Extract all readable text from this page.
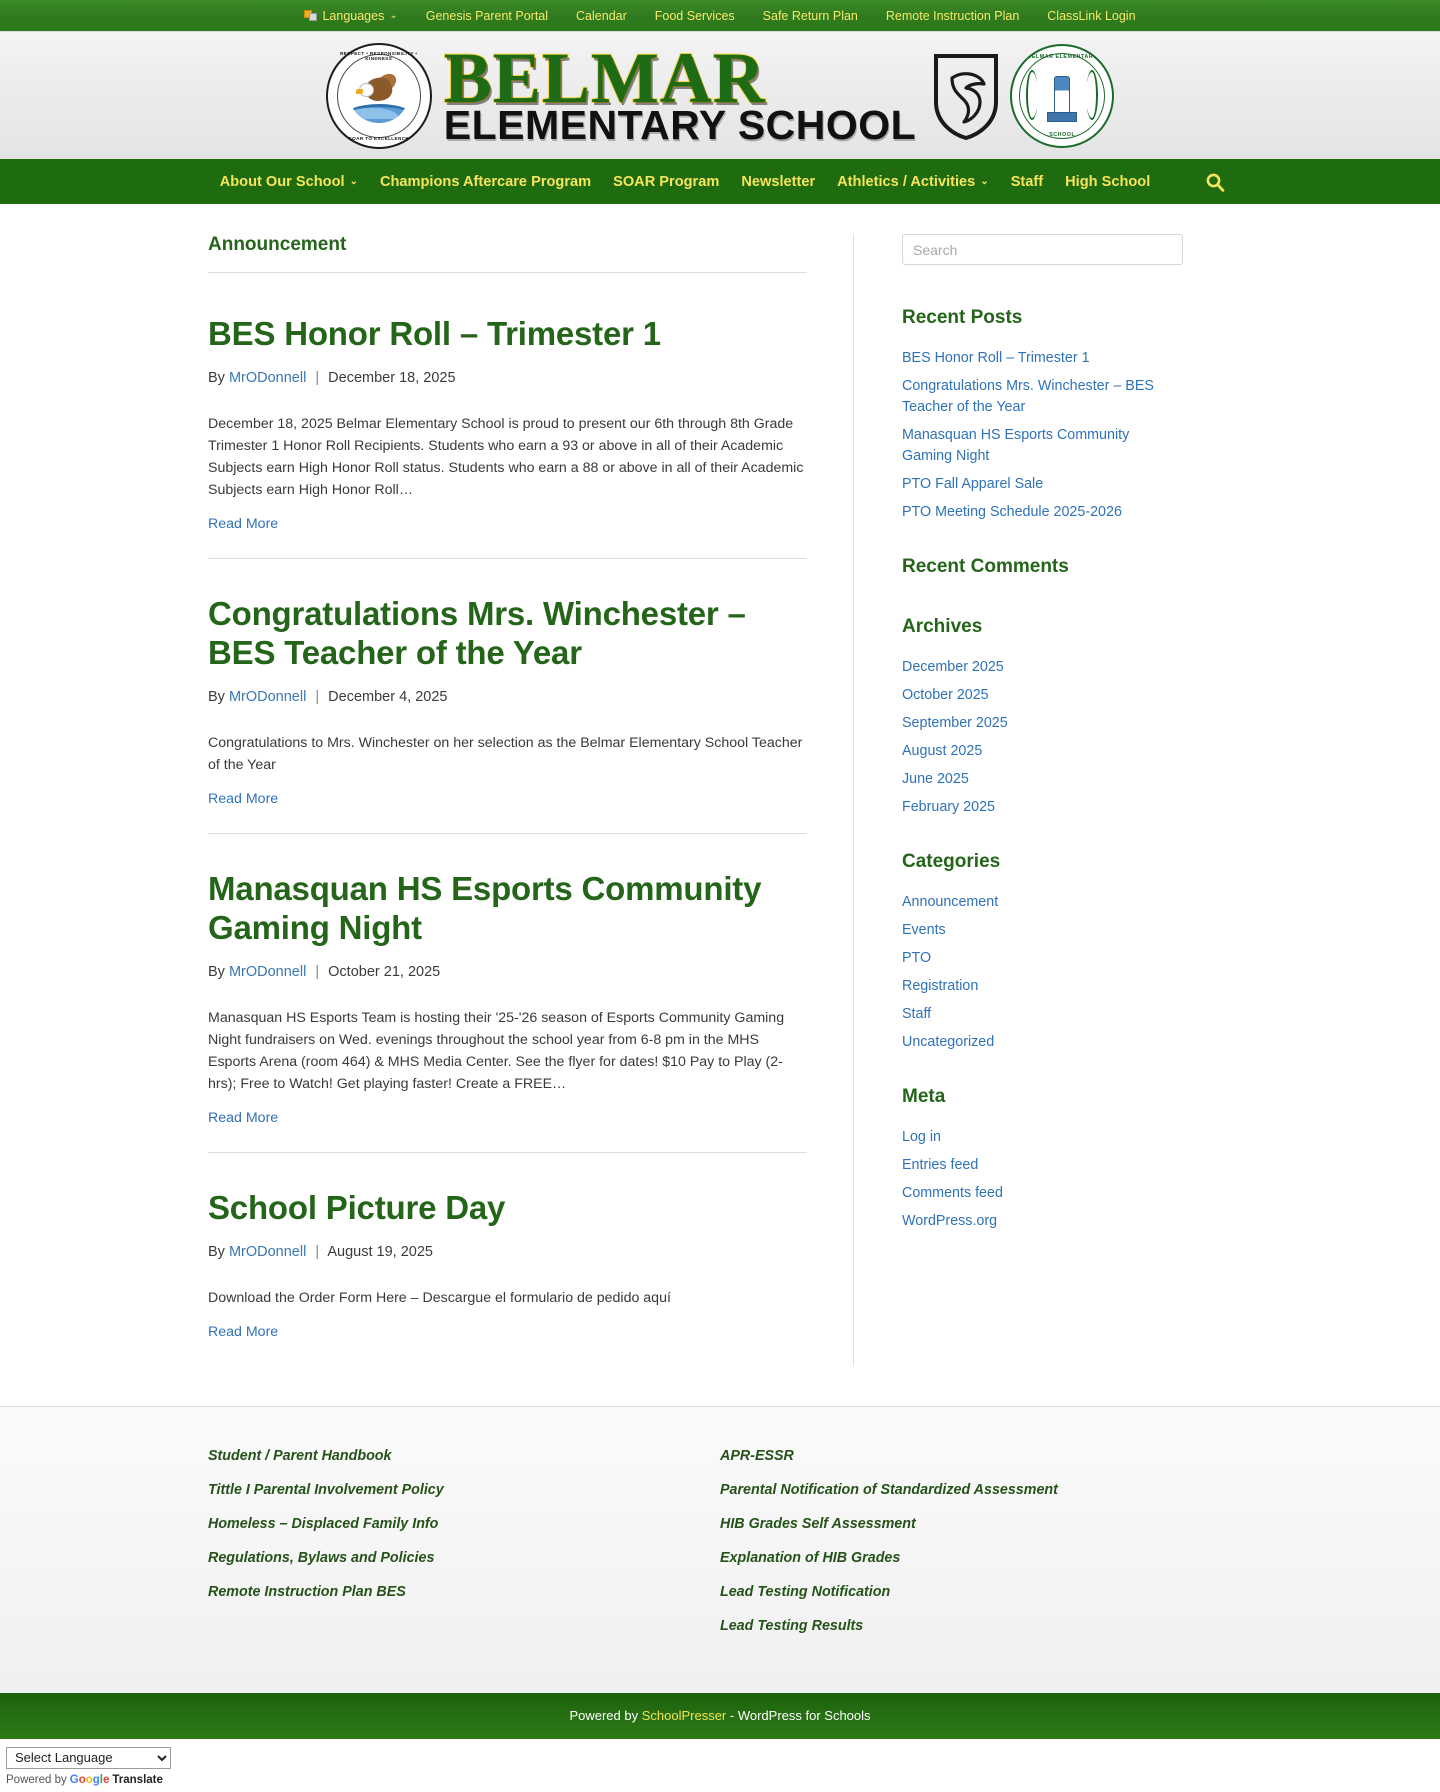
Languages ⌄ Genesis Parent Portal Calendar Food Services Safe Return Plan Remote Instruction Plan ClassLink Login
RESPECT • RESPONSIBILITY • KINDNESS
SOAR TO EXCELLENCE
BELMAR
ELEMENTARY SCHOOL
BELMAR ELEMENTARY
SCHOOL
About Our School ⌄ Champions Aftercare Program SOAR Program Newsletter Athletics / Activities ⌄ Staff High School
Announcement
BES Honor Roll – Trimester 1
By MrODonnell | December 18, 2025

December 18, 2025 Belmar Elementary School is proud to present our 6th through 8th Grade Trimester 1 Honor Roll Recipients. Students who earn a 93 or above in all of their Academic Subjects earn High Honor Roll status. Students who earn a 88 or above in all of their Academic Subjects earn High Honor Roll…

Read More
Congratulations Mrs. Winchester – BES Teacher of the Year
By MrODonnell | December 4, 2025

Congratulations to Mrs. Winchester on her selection as the Belmar Elementary School Teacher of the Year

Read More
Manasquan HS Esports Community Gaming Night
By MrODonnell | October 21, 2025

Manasquan HS Esports Team is hosting their '25-'26 season of Esports Community Gaming Night fundraisers on Wed. evenings throughout the school year from 6-8 pm in the MHS Esports Arena (room 464) & MHS Media Center. See the flyer for dates! $10 Pay to Play (2-hrs); Free to Watch! Get playing faster! Create a FREE…

Read More
School Picture Day
By MrODonnell | August 19, 2025

Download the Order Form Here – Descargue el formulario de pedido aquí

Read More
Search
Recent Posts
BES Honor Roll – Trimester 1
Congratulations Mrs. Winchester – BES Teacher of the Year
Manasquan HS Esports Community Gaming Night
PTO Fall Apparel Sale
PTO Meeting Schedule 2025-2026
Recent Comments
Archives
December 2025
October 2025
September 2025
August 2025
June 2025
February 2025
Categories
Announcement
Events
PTO
Registration
Staff
Uncategorized
Meta
Log in
Entries feed
Comments feed
WordPress.org
Student / Parent Handbook
Tittle I Parental Involvement Policy
Homeless – Displaced Family Info
Regulations, Bylaws and Policies
Remote Instruction Plan BES
APR-ESSR
Parental Notification of Standardized Assessment
HIB Grades Self Assessment
Explanation of HIB Grades
Lead Testing Notification
Lead Testing Results
Powered by SchoolPresser - WordPress for Schools
Select Language
Powered by Google Translate
